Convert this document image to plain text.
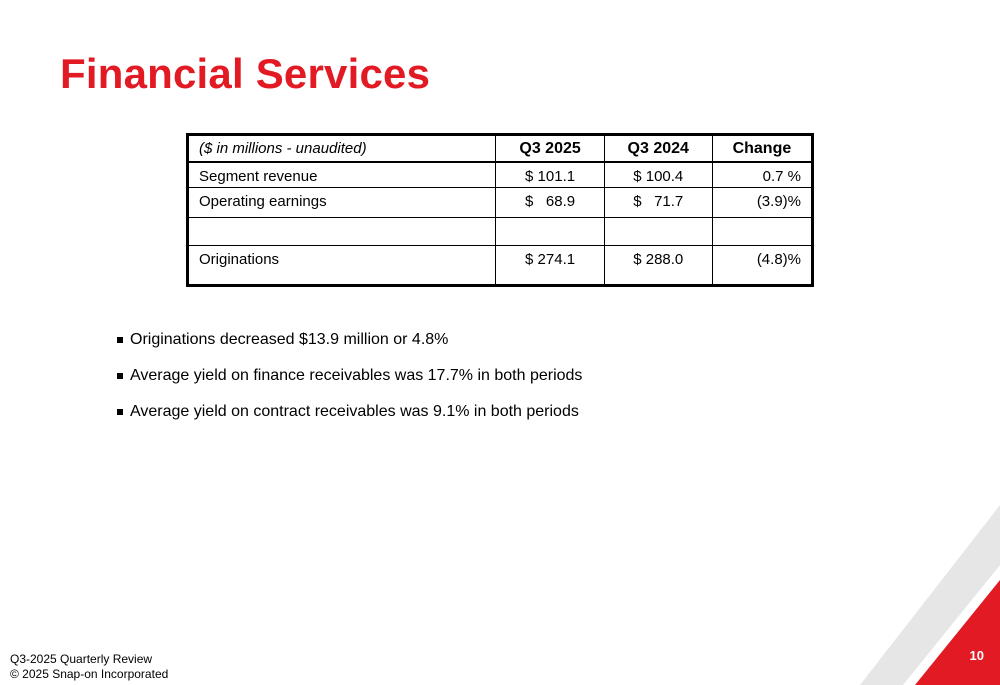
Financial Services
($ in millions - unaudited)	Q3 2025	Q3 2024	Change
Segment revenue	$ 101.1	$ 100.4	0.7 %
Operating earnings	$   68.9	$   71.7	(3.9)%

Originations	$ 274.1	$ 288.0	(4.8)%
Originations decreased $13.9 million or 4.8%
Average yield on finance receivables was 17.7% in both periods
Average yield on contract receivables was 9.1% in both periods
Q3-2025 Quarterly Review
© 2025 Snap-on Incorporated
10
